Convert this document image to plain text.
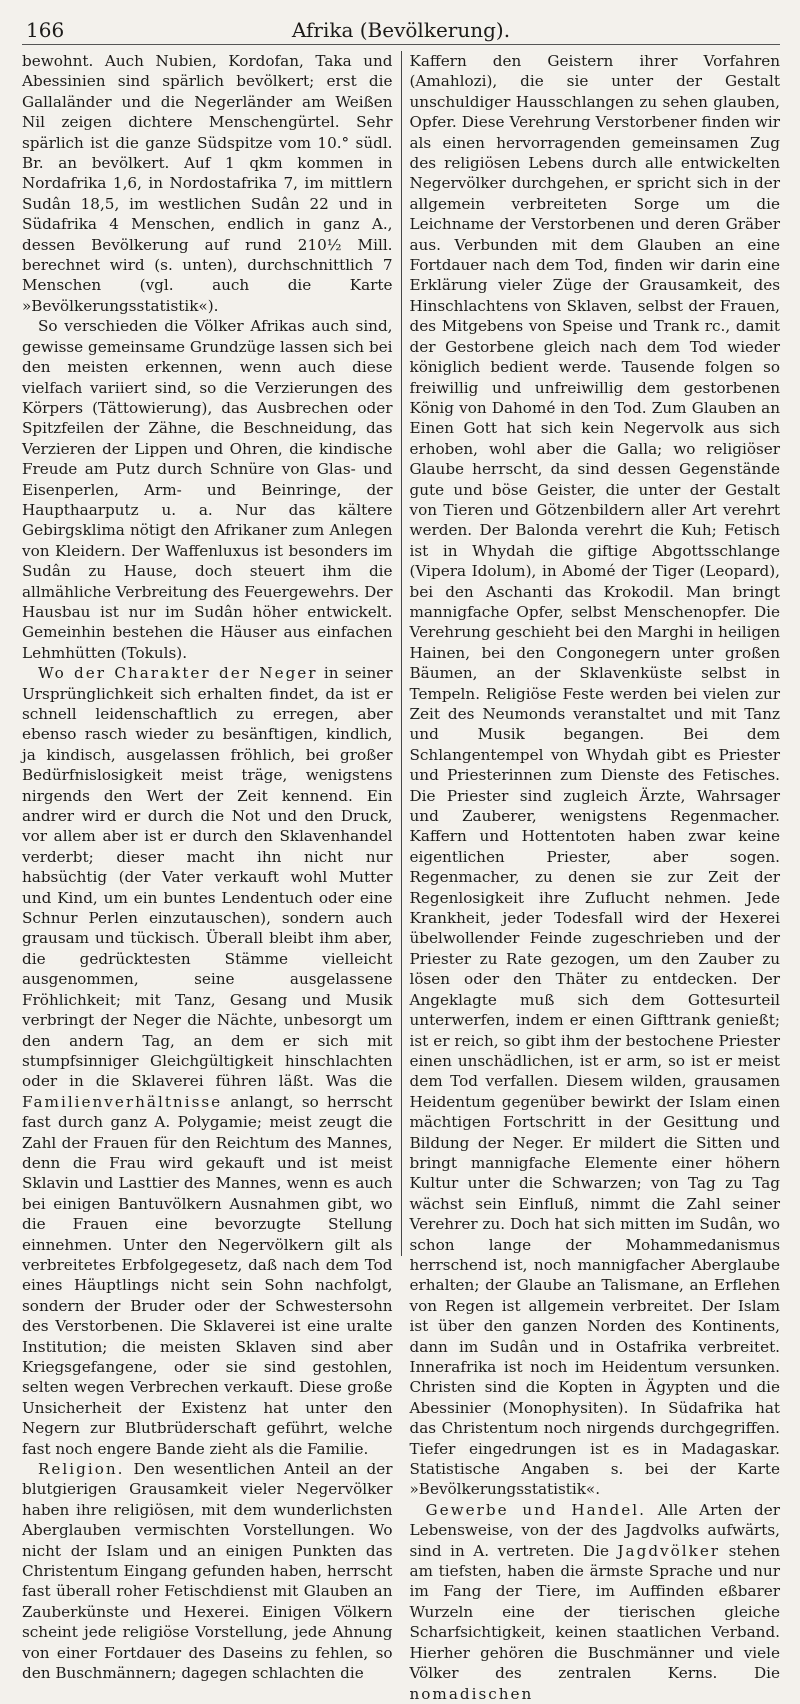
166	Afrika (Bevölkerung).

bewohnt. Auch Nubien, Kordofan, Taka und Abessinien sind spärlich bevölkert; erst die Gallaländer und die Negerländer am Weißen Nil zeigen dichtere Menschengürtel. Sehr spärlich ist die ganze Südspitze vom 10.° südl. Br. an bevölkert. Auf 1 qkm kommen in Nordafrika 1,6, in Nordostafrika 7, im mittlern Sudân 18,5, im westlichen Sudân 22 und in Südafrika 4 Menschen, endlich in ganz A., dessen Bevölkerung auf rund 210½ Mill. berechnet wird (s. unten), durchschnittlich 7 Menschen (vgl. auch die Karte »Bevölkerungsstatistik«).

So verschieden die Völker Afrikas auch sind, gewisse gemeinsame Grundzüge lassen sich bei den meisten erkennen, wenn auch diese vielfach variiert sind, so die Verzierungen des Körpers (Tättowierung), das Ausbrechen oder Spitzfeilen der Zähne, die Beschneidung, das Verzieren der Lippen und Ohren, die kindische Freude am Putz durch Schnüre von Glas- und Eisenperlen, Arm- und Beinringe, der Haupthaarputz u. a. Nur das kältere Gebirgsklima nötigt den Afrikaner zum Anlegen von Kleidern. Der Waffenluxus ist besonders im Sudân zu Hause, doch steuert ihm die allmähliche Verbreitung des Feuergewehrs. Der Hausbau ist nur im Sudân höher entwickelt. Gemeinhin bestehen die Häuser aus einfachen Lehmhütten (Tokuls).

Wo der Charakter der Neger in seiner Ursprünglichkeit sich erhalten findet, da ist er schnell leidenschaftlich zu erregen, aber ebenso rasch wieder zu besänftigen, kindlich, ja kindisch, ausgelassen fröhlich, bei großer Bedürfnislosigkeit meist träge, wenigstens nirgends den Wert der Zeit kennend. Ein andrer wird er durch die Not und den Druck, vor allem aber ist er durch den Sklavenhandel verderbt; dieser macht ihn nicht nur habsüchtig (der Vater verkauft wohl Mutter und Kind, um ein buntes Lendentuch oder eine Schnur Perlen einzutauschen), sondern auch grausam und tückisch. Überall bleibt ihm aber, die gedrücktesten Stämme vielleicht ausgenommen, seine ausgelassene Fröhlichkeit; mit Tanz, Gesang und Musik verbringt der Neger die Nächte, unbesorgt um den andern Tag, an dem er sich mit stumpfsinniger Gleichgültigkeit hinschlachten oder in die Sklaverei führen läßt. Was die Familienverhältnisse anlangt, so herrscht fast durch ganz A. Polygamie; meist zeugt die Zahl der Frauen für den Reichtum des Mannes, denn die Frau wird gekauft und ist meist Sklavin und Lasttier des Mannes, wenn es auch bei einigen Bantuvölkern Ausnahmen gibt, wo die Frauen eine bevorzugte Stellung einnehmen. Unter den Negervölkern gilt als verbreitetes Erbfolgegesetz, daß nach dem Tod eines Häuptlings nicht sein Sohn nachfolgt, sondern der Bruder oder der Schwestersohn des Verstorbenen. Die Sklaverei ist eine uralte Institution; die meisten Sklaven sind aber Kriegsgefangene, oder sie sind gestohlen, selten wegen Verbrechen verkauft. Diese große Unsicherheit der Existenz hat unter den Negern zur Blutbrüderschaft geführt, welche fast noch engere Bande zieht als die Familie.

Religion. Den wesentlichen Anteil an der blutgierigen Grausamkeit vieler Negervölker haben ihre religiösen, mit dem wunderlichsten Aberglauben vermischten Vorstellungen. Wo nicht der Islam und an einigen Punkten das Christentum Eingang gefunden haben, herrscht fast überall roher Fetischdienst mit Glauben an Zauberkünste und Hexerei. Einigen Völkern scheint jede religiöse Vorstellung, jede Ahnung von einer Fortdauer des Daseins zu fehlen, so den Buschmännern; dagegen schlachten die

Kaffern den Geistern ihrer Vorfahren (Amahlozi), die sie unter der Gestalt unschuldiger Hausschlangen zu sehen glauben, Opfer. Diese Verehrung Verstorbener finden wir als einen hervorragenden gemeinsamen Zug des religiösen Lebens durch alle entwickelten Negervölker durchgehen, er spricht sich in der allgemein verbreiteten Sorge um die Leichname der Verstorbenen und deren Gräber aus. Verbunden mit dem Glauben an eine Fortdauer nach dem Tod, finden wir darin eine Erklärung vieler Züge der Grausamkeit, des Hinschlachtens von Sklaven, selbst der Frauen, des Mitgebens von Speise und Trank rc., damit der Gestorbene gleich nach dem Tod wieder königlich bedient werde. Tausende folgen so freiwillig und unfreiwillig dem gestorbenen König von Dahomé in den Tod. Zum Glauben an Einen Gott hat sich kein Negervolk aus sich erhoben, wohl aber die Galla; wo religiöser Glaube herrscht, da sind dessen Gegenstände gute und böse Geister, die unter der Gestalt von Tieren und Götzenbildern aller Art verehrt werden. Der Balonda verehrt die Kuh; Fetisch ist in Whydah die giftige Abgottsschlange (Vipera Idolum), in Abomé der Tiger (Leopard), bei den Aschanti das Krokodil. Man bringt mannigfache Opfer, selbst Menschenopfer. Die Verehrung geschieht bei den Marghi in heiligen Hainen, bei den Congonegern unter großen Bäumen, an der Sklavenküste selbst in Tempeln. Religiöse Feste werden bei vielen zur Zeit des Neumonds veranstaltet und mit Tanz und Musik begangen. Bei dem Schlangentempel von Whydah gibt es Priester und Priesterinnen zum Dienste des Fetisches. Die Priester sind zugleich Ärzte, Wahrsager und Zauberer, wenigstens Regenmacher. Kaffern und Hottentoten haben zwar keine eigentlichen Priester, aber sogen. Regenmacher, zu denen sie zur Zeit der Regenlosigkeit ihre Zuflucht nehmen. Jede Krankheit, jeder Todesfall wird der Hexerei übelwollender Feinde zugeschrieben und der Priester zu Rate gezogen, um den Zauber zu lösen oder den Thäter zu entdecken. Der Angeklagte muß sich dem Gottesurteil unterwerfen, indem er einen Gifttrank genießt; ist er reich, so gibt ihm der bestochene Priester einen unschädlichen, ist er arm, so ist er meist dem Tod verfallen. Diesem wilden, grausamen Heidentum gegenüber bewirkt der Islam einen mächtigen Fortschritt in der Gesittung und Bildung der Neger. Er mildert die Sitten und bringt mannigfache Elemente einer höhern Kultur unter die Schwarzen; von Tag zu Tag wächst sein Einfluß, nimmt die Zahl seiner Verehrer zu. Doch hat sich mitten im Sudân, wo schon lange der Mohammedanismus herrschend ist, noch mannigfacher Aberglaube erhalten; der Glaube an Talismane, an Erflehen von Regen ist allgemein verbreitet. Der Islam ist über den ganzen Norden des Kontinents, dann im Sudân und in Ostafrika verbreitet. Innerafrika ist noch im Heidentum versunken. Christen sind die Kopten in Ägypten und die Abessinier (Monophysiten). In Südafrika hat das Christentum noch nirgends durchgegriffen. Tiefer eingedrungen ist es in Madagaskar. Statistische Angaben s. bei der Karte »Bevölkerungsstatistik«.

Gewerbe und Handel. Alle Arten der Lebensweise, von der des Jagdvolks aufwärts, sind in A. vertreten. Die Jagdvölker stehen am tiefsten, haben die ärmste Sprache und nur im Fang der Tiere, im Auffinden eßbarer Wurzeln eine der tierischen gleiche Scharfsichtigkeit, keinen staatlichen Verband. Hierher gehören die Buschmänner und viele Völker des zentralen Kerns. Die nomadischen
